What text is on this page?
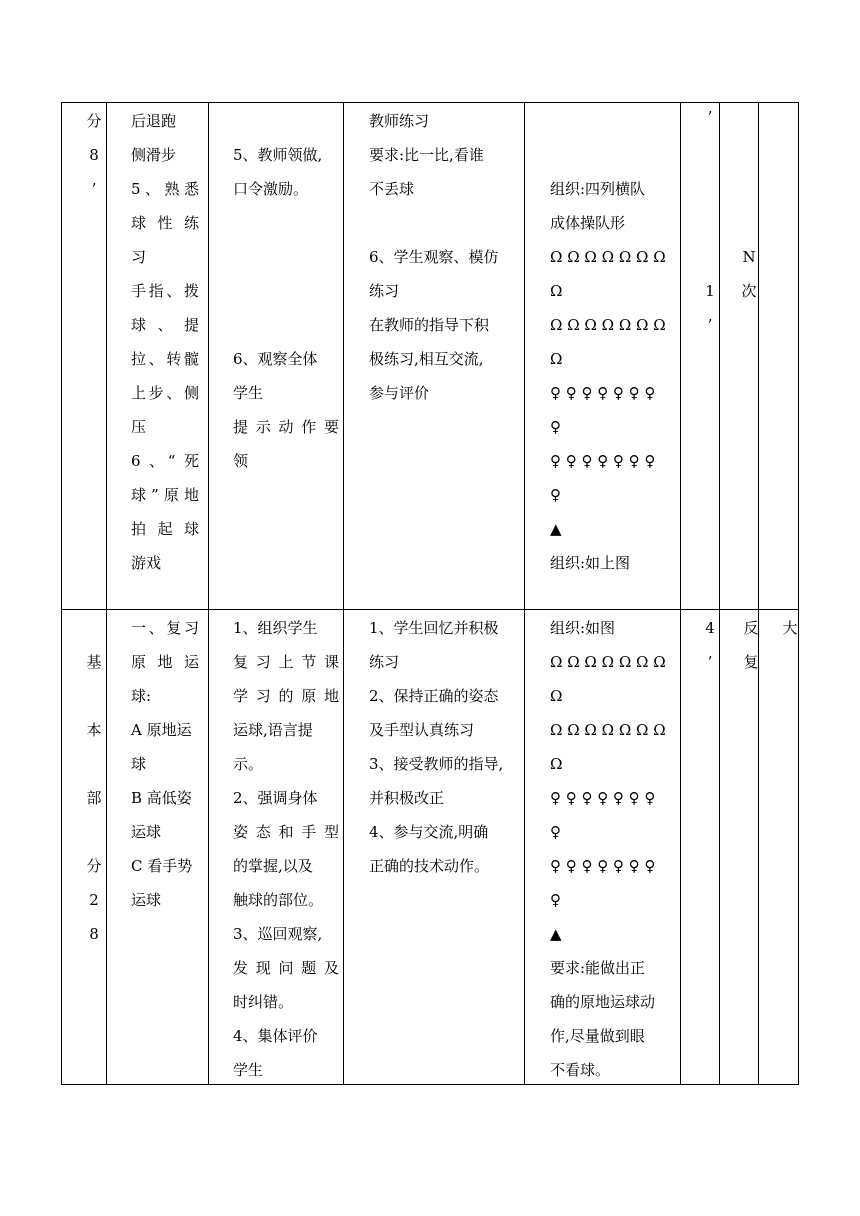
分
8
’
后退跑
侧滑步
5、熟悉
球 性 练
习
手指、拨
球 、 提
拉、转髋
上步、侧
压
6 、“ 死
球”原地
拍 起 球
游戏
5、教师领做,
口令激励。
6、观察全体
学生
提 示 动 作 要
领
教师练习
要求:比一比,看谁
不丢球
6、学生观察、模仿
练习
在教师的指导下积
极练习,相互交流,
参与评价
组织:四列横队
成体操队形
Ω Ω Ω Ω Ω Ω Ω
Ω
Ω Ω Ω Ω Ω Ω Ω
Ω
♀ ♀ ♀ ♀ ♀ ♀ ♀
♀
♀ ♀ ♀ ♀ ♀ ♀ ♀
♀
▲
组织:如上图
’
1
’
N
次
基
本
部
分
2
8
一、复习
原 地 运
球:
A 原地运
球
B 高低姿
运球
C 看手势
运球
1、组织学生
复 习 上 节 课
学 习 的 原 地
运球,语言提
示。
2、强调身体
姿 态 和 手 型
的掌握,以及
触球的部位。
3、巡回观察,
发 现 问 题 及
时纠错。
4、集体评价
学生
1、学生回忆并积极
练习
2、保持正确的姿态
及手型认真练习
3、接受教师的指导,
并积极改正
4、参与交流,明确
正确的技术动作。
组织:如图
Ω Ω Ω Ω Ω Ω Ω
Ω
Ω Ω Ω Ω Ω Ω Ω
Ω
♀ ♀ ♀ ♀ ♀ ♀ ♀
♀
♀ ♀ ♀ ♀ ♀ ♀ ♀
♀
▲
要求:能做出正
确的原地运球动
作,尽量做到眼
不看球。
4
’
反
复
大
